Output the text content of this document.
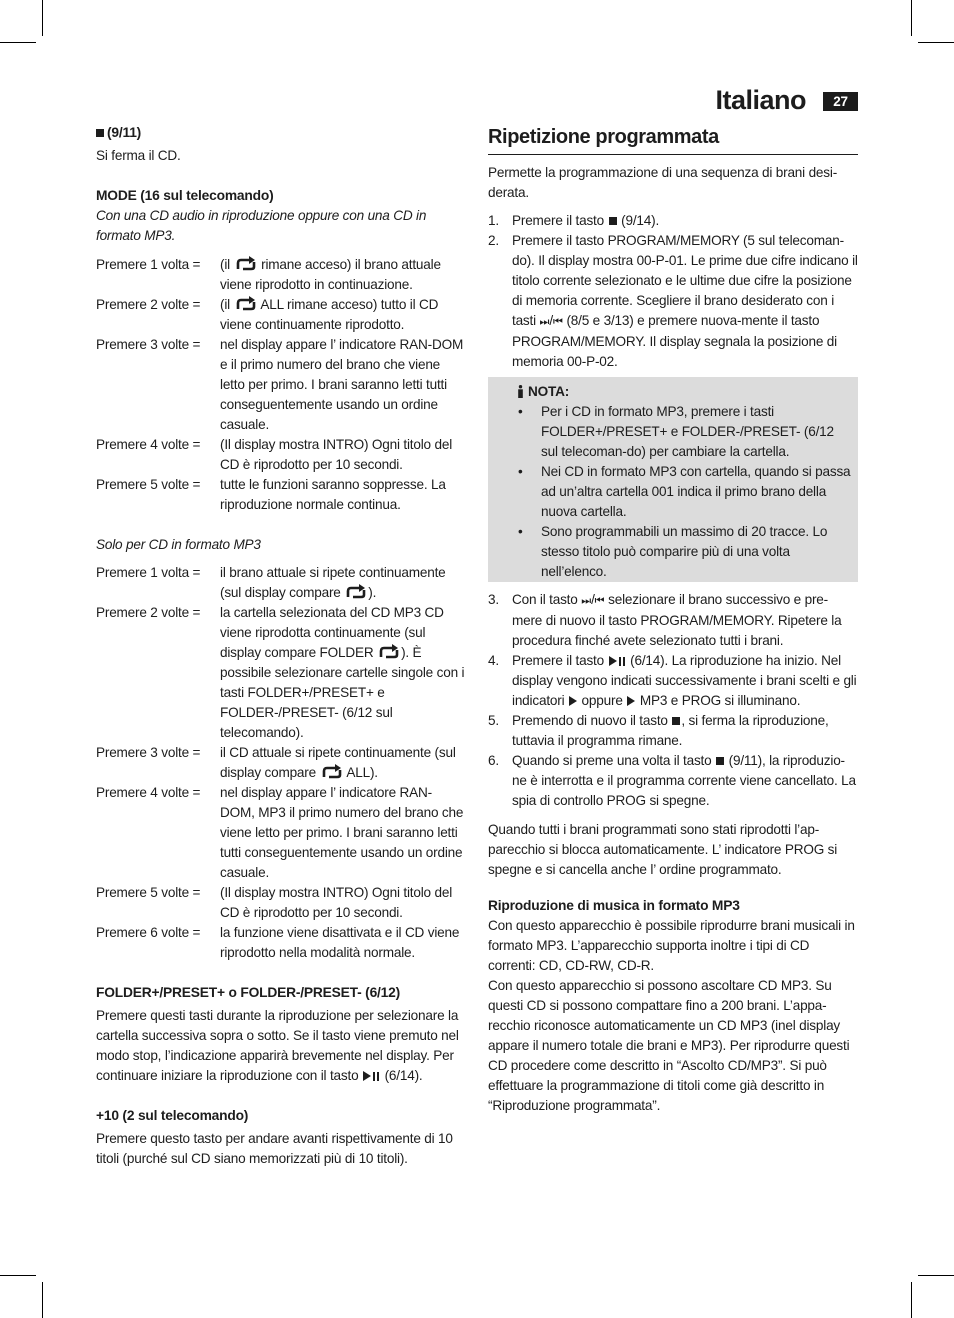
Italiano	27
(9/11)

Si ferma il CD.

MODE (16 sul telecomando)

Con una CD audio in riproduzione oppure con una CD in formato MP3.

Premere 1 volta =	(il  rimane acceso) il brano attuale viene riprodotto in continuazione.
Premere 2 volte =	(il  ALL rimane acceso) tutto il CD viene continuamente riprodotto.
Premere 3 volte =	nel display appare l’ indicatore RAN-DOM e il primo numero del brano che viene letto per primo. I brani saranno letti tutti conseguentemente usando un ordine casuale.
Premere 4 volte =	(Il display mostra INTRO) Ogni titolo del CD è riprodotto per 10 secondi.
Premere 5 volte =	tutte le funzioni saranno soppresse. La riproduzione normale continua.

Solo per CD in formato MP3

Premere 1 volta =	il brano attuale si ripete continuamente (sul display compare ).
Premere 2 volte =	la cartella selezionata del CD MP3 CD viene riprodotta continuamente (sul display compare FOLDER ). È possibile selezionare cartelle singole con i tasti FOLDER+/PRESET+ e FOLDER-/PRESET- (6/12 sul telecomando).
Premere 3 volte =	il CD attuale si ripete continuamente (sul display compare  ALL).
Premere 4 volte =	nel display appare l’ indicatore RAN-DOM, MP3 il primo numero del brano che viene letto per primo. I brani saranno letti tutti conseguentemente usando un ordine casuale.
Premere 5 volte =	(Il display mostra INTRO) Ogni titolo del CD è riprodotto per 10 secondi.
Premere 6 volte =	la funzione viene disattivata e il CD viene riprodotto nella modalità normale.
FOLDER+/PRESET+ o FOLDER-/PRESET- (6/12)

Premere questi tasti durante la riproduzione per selezionare la cartella successiva sopra o sotto. Se il tasto viene premuto nel modo stop, l’indicazione apparirà brevemente nel display. Per continuare iniziare la riproduzione con il tasto  (6/14).

+10 (2 sul telecomando)

Premere questo tasto per andare avanti rispettivamente di 10 titoli (purché sul CD siano memorizzati più di 10 titoli).

Ripetizione programmata

Permette la programmazione di una sequenza di brani desi-derata.

1. Premere il tasto  (9/14).
2. Premere il tasto PROGRAM/MEMORY (5 sul telecoman-do). Il display mostra 00-P-01. Le prime due cifre indicano il titolo corrente selezionato e le ultime due cifre la posizione di memoria corrente. Scegliere il brano desiderato con i tasti ⏭ /⏮ (8/5 e 3/13) e premere nuova-mente il tasto PROGRAM/MEMORY. Il display segnala la posizione di memoria 00-P-02.
NOTA:
•	Per i CD in formato MP3, premere i tasti FOLDER+/PRESET+ e FOLDER-/PRESET- (6/12 sul telecoman-do) per cambiare la cartella.
•	Nei CD in formato MP3 con cartella, quando si passa ad un’altra cartella 001 indica il primo brano della nuova cartella.
•	Sono programmabili un massimo di 20 tracce. Lo stesso titolo può comparire più di una volta nell’elenco.
3. Con il tasto ⏭ /⏮ selezionare il brano successivo e pre-mere di nuovo il tasto PROGRAM/MEMORY. Ripetere la procedura finché avete selezionato tutti i brani.
4. Premere il tasto  (6/14). La riproduzione ha inizio. Nel display vengono indicati successivamente i brani scelti e gli indicatori  oppure  MP3 e PROG si illuminano.
5. Premendo di nuovo il tasto , si ferma la riproduzione, tuttavia il programma rimane.
6. Quando si preme una volta il tasto  (9/11), la riproduzio-ne è interrotta e il programma corrente viene cancellato. La spia di controllo PROG si spegne.

Quando tutti i brani programmati sono stati riprodotti l’ap-parecchio si blocca automaticamente. L’ indicatore PROG si spegne e si cancella anche l’ ordine programmato.

Riproduzione di musica in formato MP3

Con questo apparecchio è possibile riprodurre brani musicali in formato MP3. L’apparecchio supporta inoltre i tipi di CD correnti: CD, CD-RW, CD-R.

Con questo apparecchio si possono ascoltare CD MP3. Su questi CD si possono compattare fino a 200 brani. L’appa-recchio riconosce automaticamente un CD MP3 (inel display appare il numero totale die brani e MP3). Per riprodurre questi CD procedere come descritto in “Ascolto CD/MP3”. Si può effettuare la programmazione di titoli come già descritto in “Riproduzione programmata”.
